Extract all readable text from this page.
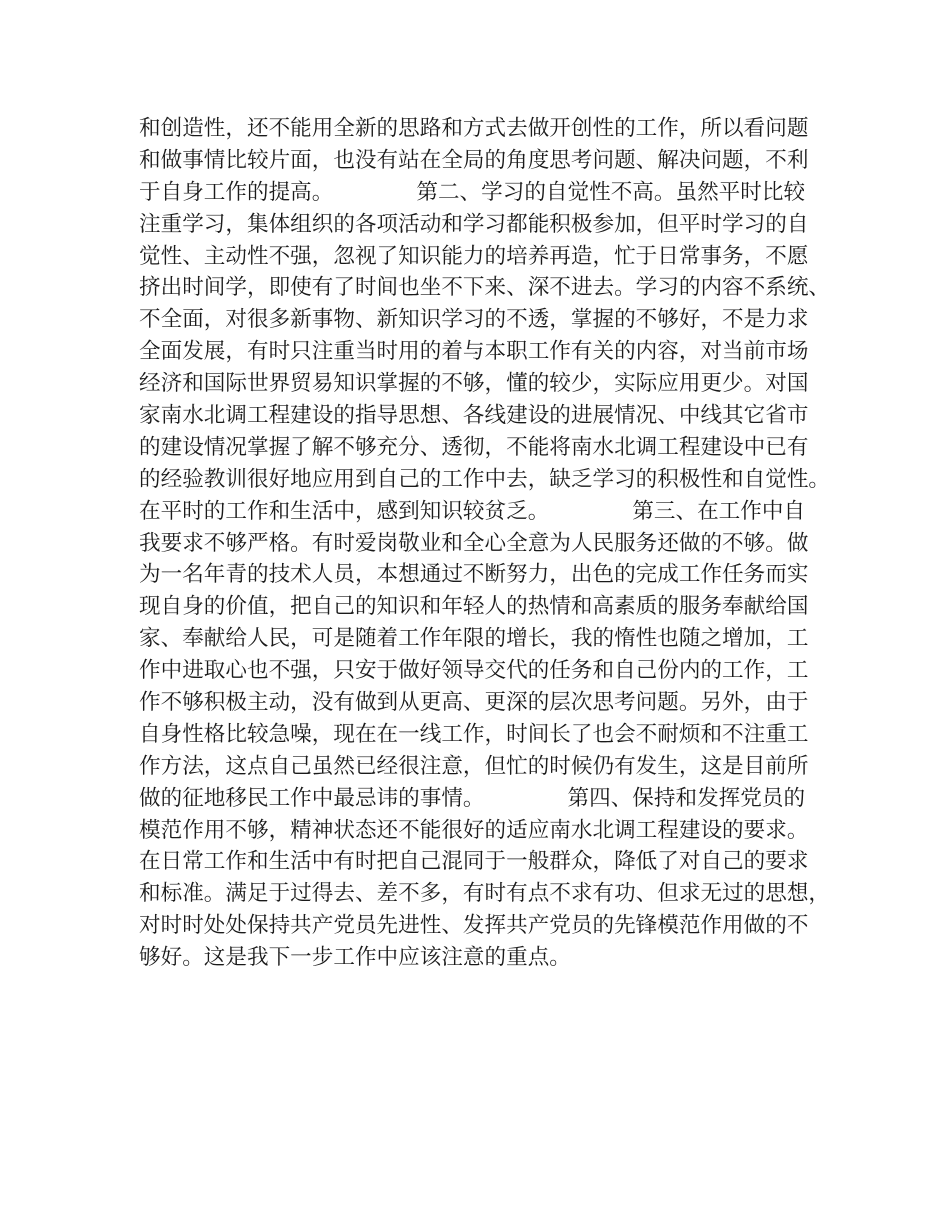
和创造性，还不能用全新的思路和方式去做开创性的工作，所以看问题
和做事情比较片面，也没有站在全局的角度思考问题、解决问题，不利
于自身工作的提高。	第二、学习的自觉性不高。虽然平时比较
注重学习，集体组织的各项活动和学习都能积极参加，但平时学习的自
觉性、主动性不强，忽视了知识能力的培养再造，忙于日常事务，不愿
挤出时间学，即使有了时间也坐不下来、深不进去。学习的内容不系统、
不全面，对很多新事物、新知识学习的不透，掌握的不够好，不是力求
全面发展，有时只注重当时用的着与本职工作有关的内容，对当前市场
经济和国际世界贸易知识掌握的不够，懂的较少，实际应用更少。对国
家南水北调工程建设的指导思想、各线建设的进展情况、中线其它省市
的建设情况掌握了解不够充分、透彻，不能将南水北调工程建设中已有
的经验教训很好地应用到自己的工作中去，缺乏学习的积极性和自觉性。
在平时的工作和生活中，感到知识较贫乏。	第三、在工作中自
我要求不够严格。有时爱岗敬业和全心全意为人民服务还做的不够。做
为一名年青的技术人员，本想通过不断努力，出色的完成工作任务而实
现自身的价值，把自己的知识和年轻人的热情和高素质的服务奉献给国
家、奉献给人民，可是随着工作年限的增长，我的惰性也随之增加，工
作中进取心也不强，只安于做好领导交代的任务和自己份内的工作，工
作不够积极主动，没有做到从更高、更深的层次思考问题。另外，由于
自身性格比较急噪，现在在一线工作，时间长了也会不耐烦和不注重工
作方法，这点自己虽然已经很注意，但忙的时候仍有发生，这是目前所
做的征地移民工作中最忌讳的事情。	第四、保持和发挥党员的
模范作用不够，精神状态还不能很好的适应南水北调工程建设的要求。
在日常工作和生活中有时把自己混同于一般群众，降低了对自己的要求
和标准。满足于过得去、差不多，有时有点不求有功、但求无过的思想，
对时时处处保持共产党员先进性、发挥共产党员的先锋模范作用做的不
够好。这是我下一步工作中应该注意的重点。
